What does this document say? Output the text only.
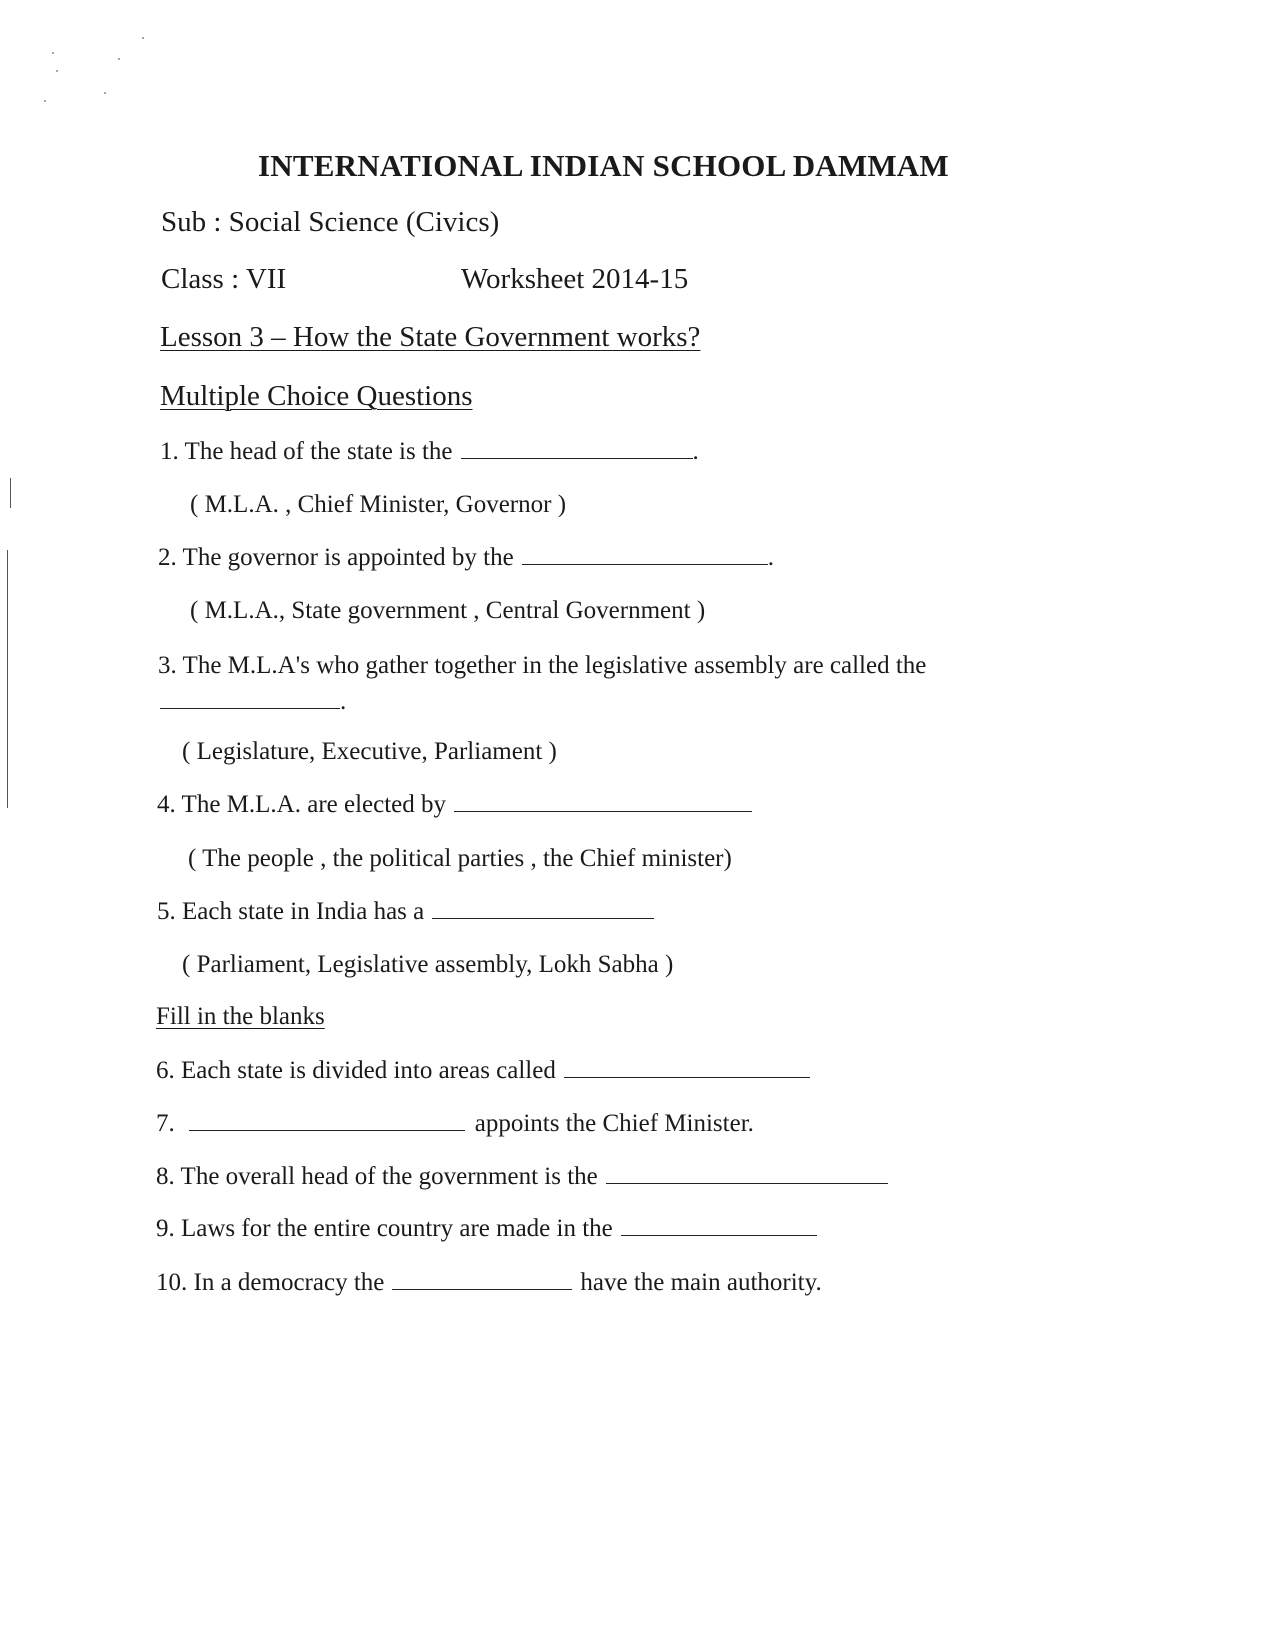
INTERNATIONAL INDIAN SCHOOL DAMMAM
Sub : Social Science (Civics)
Class : VII	Worksheet 2014-15
Lesson 3 – How the State Government works?
Multiple Choice Questions
1. The head of the state is the	.
( M.L.A. , Chief Minister, Governor )
2. The governor is appointed by the	.
( M.L.A., State government , Central Government )
3. The M.L.A's who gather together in the legislative assembly are called the
.
( Legislature, Executive, Parliament )
4. The M.L.A. are elected by
( The people , the political parties , the Chief minister)
5. Each state in India has a
( Parliament, Legislative assembly, Lokh Sabha )
Fill in the blanks
6. Each state is divided into areas called
7.	appoints the Chief Minister.
8. The overall head of the government is the
9. Laws for the entire country are made in the
10. In a democracy the	have the main authority.
